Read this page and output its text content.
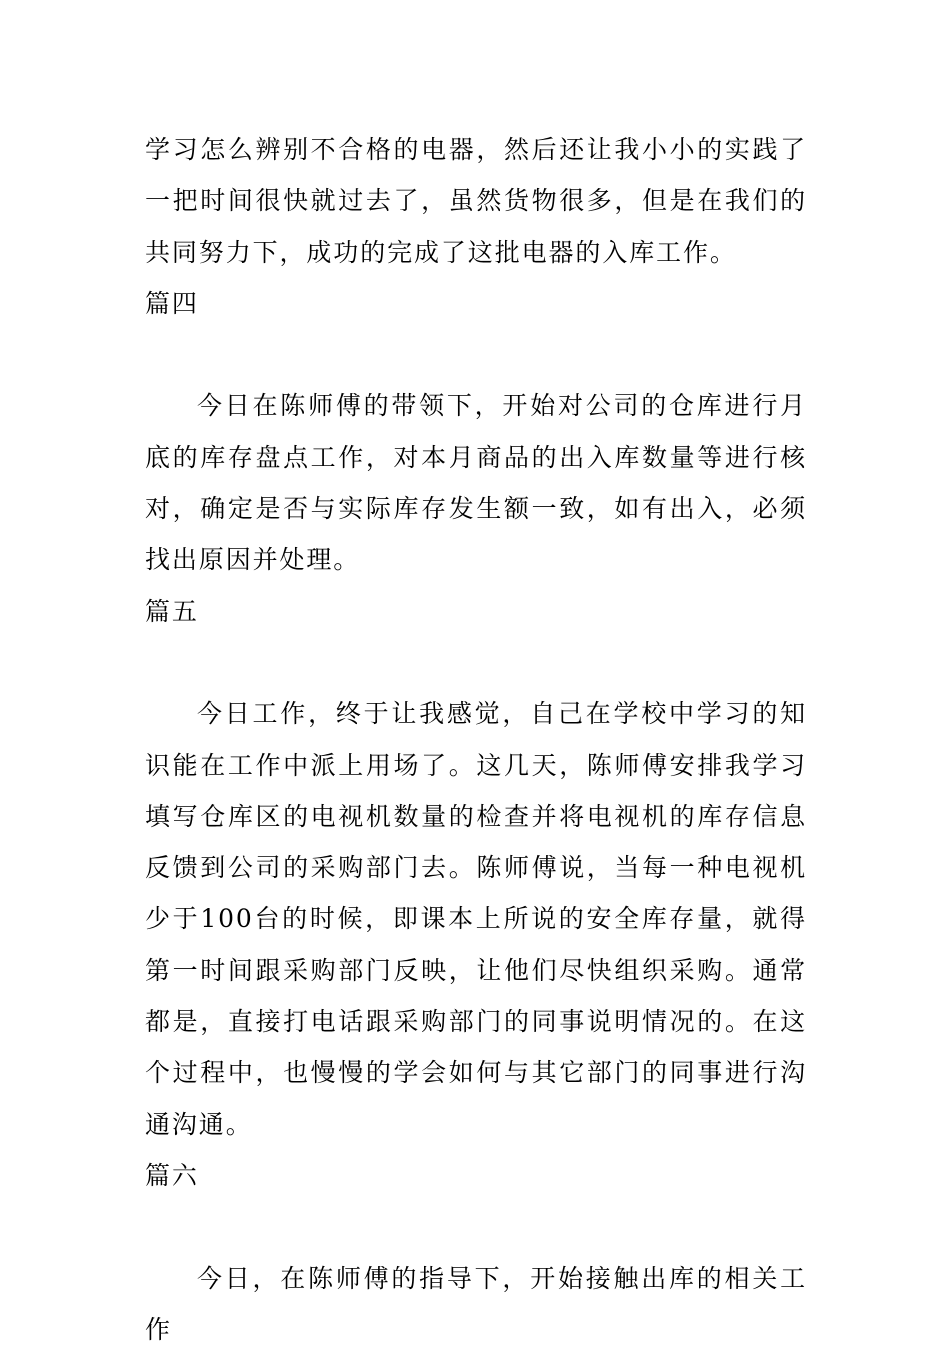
学习怎么辨别不合格的电器，然后还让我小小的实践了一把时间很快就过去了，虽然货物很多，但是在我们的共同努力下，成功的完成了这批电器的入库工作。

篇四

今日在陈师傅的带领下，开始对公司的仓库进行月底的库存盘点工作，对本月商品的出入库数量等进行核对，确定是否与实际库存发生额一致，如有出入，必须找出原因并处理。

篇五

今日工作，终于让我感觉，自己在学校中学习的知识能在工作中派上用场了。这几天，陈师傅安排我学习填写仓库区的电视机数量的检查并将电视机的库存信息反馈到公司的采购部门去。陈师傅说，当每一种电视机少于100台的时候，即课本上所说的安全库存量，就得第一时间跟采购部门反映，让他们尽快组织采购。通常都是，直接打电话跟采购部门的同事说明情况的。在这个过程中，也慢慢的学会如何与其它部门的同事进行沟通沟通。

篇六

今日，在陈师傅的指导下，开始接触出库的相关工作
